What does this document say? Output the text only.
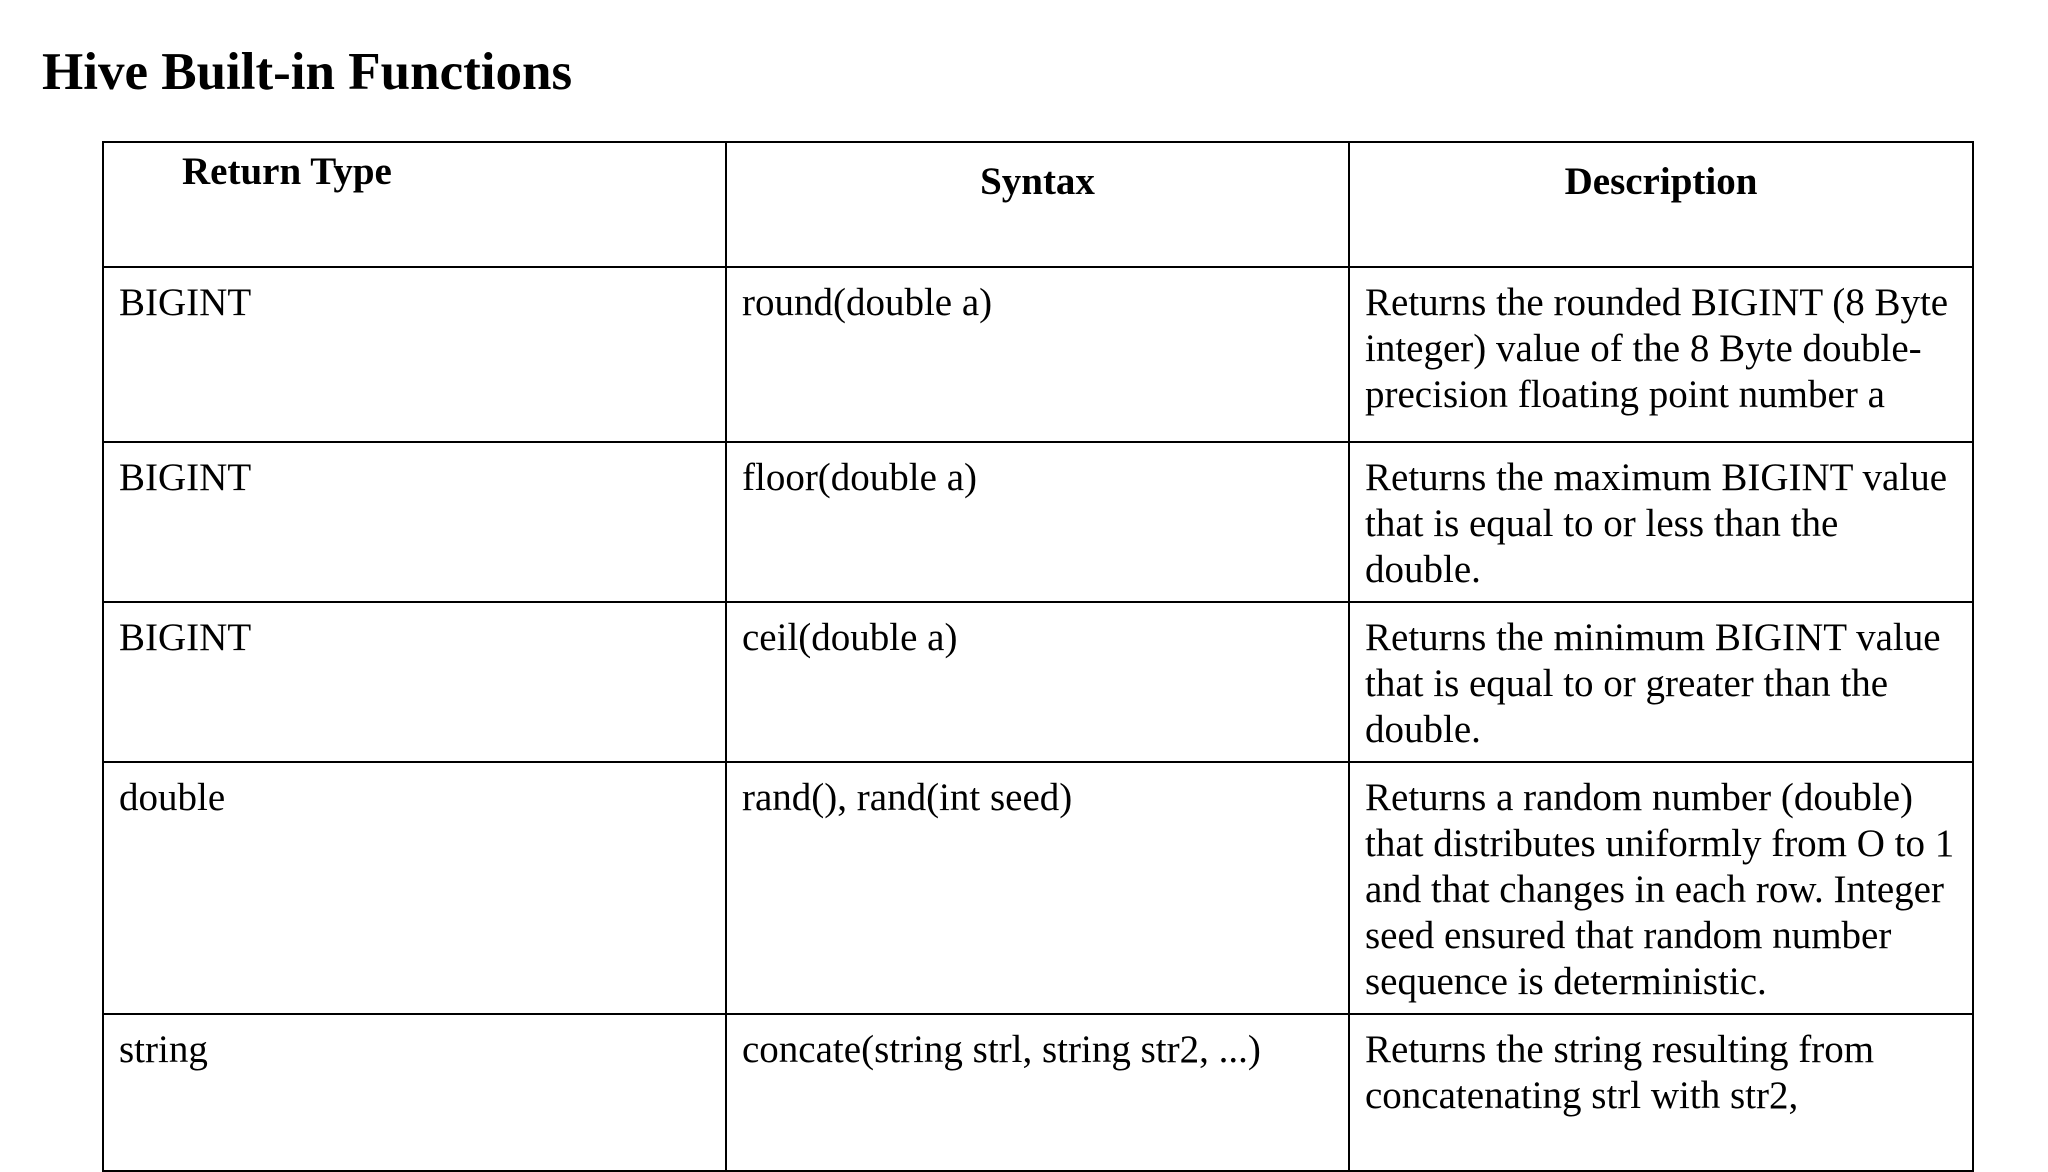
Hive Built-in Functions
Return Type	Syntax	Description
BIGINT	round(double a)	Returns the rounded BIGINT (8 Byte integer) value of the 8 Byte double-precision floating point number a
BIGINT	floor(double a)	Returns the maximum BIGINT value that is equal to or less than the double.
BIGINT	ceil(double a)	Returns the minimum BIGINT value that is equal to or greater than the double.
double	rand(), rand(int seed)	Returns a random number (double) that distributes uniformly from O to 1 and that changes in each row. Integer seed ensured that random number sequence is deterministic.
string	concate(string strl, string str2, ...)	Returns the string resulting from concatenating strl with str2,
